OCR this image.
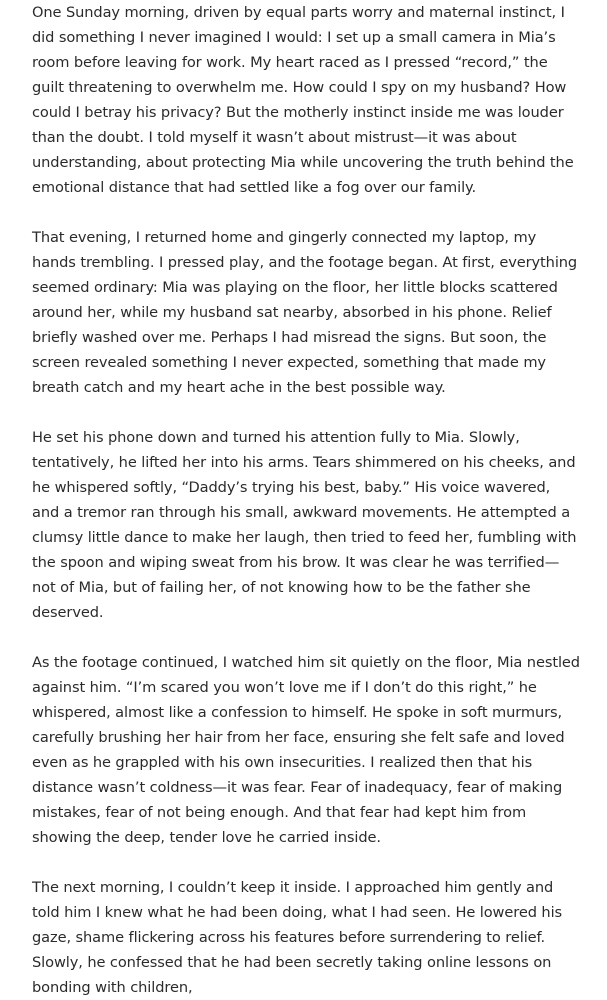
One Sunday morning, driven by equal parts worry and maternal instinct, I did something I never imagined I would: I set up a small camera in Mia’s room before leaving for work. My heart raced as I pressed “record,” the guilt threatening to overwhelm me. How could I spy on my husband? How could I betray his privacy? But the motherly instinct inside me was louder than the doubt. I told myself it wasn’t about mistrust—it was about understanding, about protecting Mia while uncovering the truth behind the emotional distance that had settled like a fog over our family.

That evening, I returned home and gingerly connected my laptop, my hands trembling. I pressed play, and the footage began. At first, everything seemed ordinary: Mia was playing on the floor, her little blocks scattered around her, while my husband sat nearby, absorbed in his phone. Relief briefly washed over me. Perhaps I had misread the signs. But soon, the screen revealed something I never expected, something that made my breath catch and my heart ache in the best possible way.

He set his phone down and turned his attention fully to Mia. Slowly, tentatively, he lifted her into his arms. Tears shimmered on his cheeks, and he whispered softly, “Daddy’s trying his best, baby.” His voice wavered, and a tremor ran through his small, awkward movements. He attempted a clumsy little dance to make her laugh, then tried to feed her, fumbling with the spoon and wiping sweat from his brow. It was clear he was terrified—not of Mia, but of failing her, of not knowing how to be the father she deserved.

As the footage continued, I watched him sit quietly on the floor, Mia nestled against him. “I’m scared you won’t love me if I don’t do this right,” he whispered, almost like a confession to himself. He spoke in soft murmurs, carefully brushing her hair from her face, ensuring she felt safe and loved even as he grappled with his own insecurities. I realized then that his distance wasn’t coldness—it was fear. Fear of inadequacy, fear of making mistakes, fear of not being enough. And that fear had kept him from showing the deep, tender love he carried inside.

The next morning, I couldn’t keep it inside. I approached him gently and told him I knew what he had been doing, what I had seen. He lowered his gaze, shame flickering across his features before surrendering to relief. Slowly, he confessed that he had been secretly taking online lessons on bonding with children,
